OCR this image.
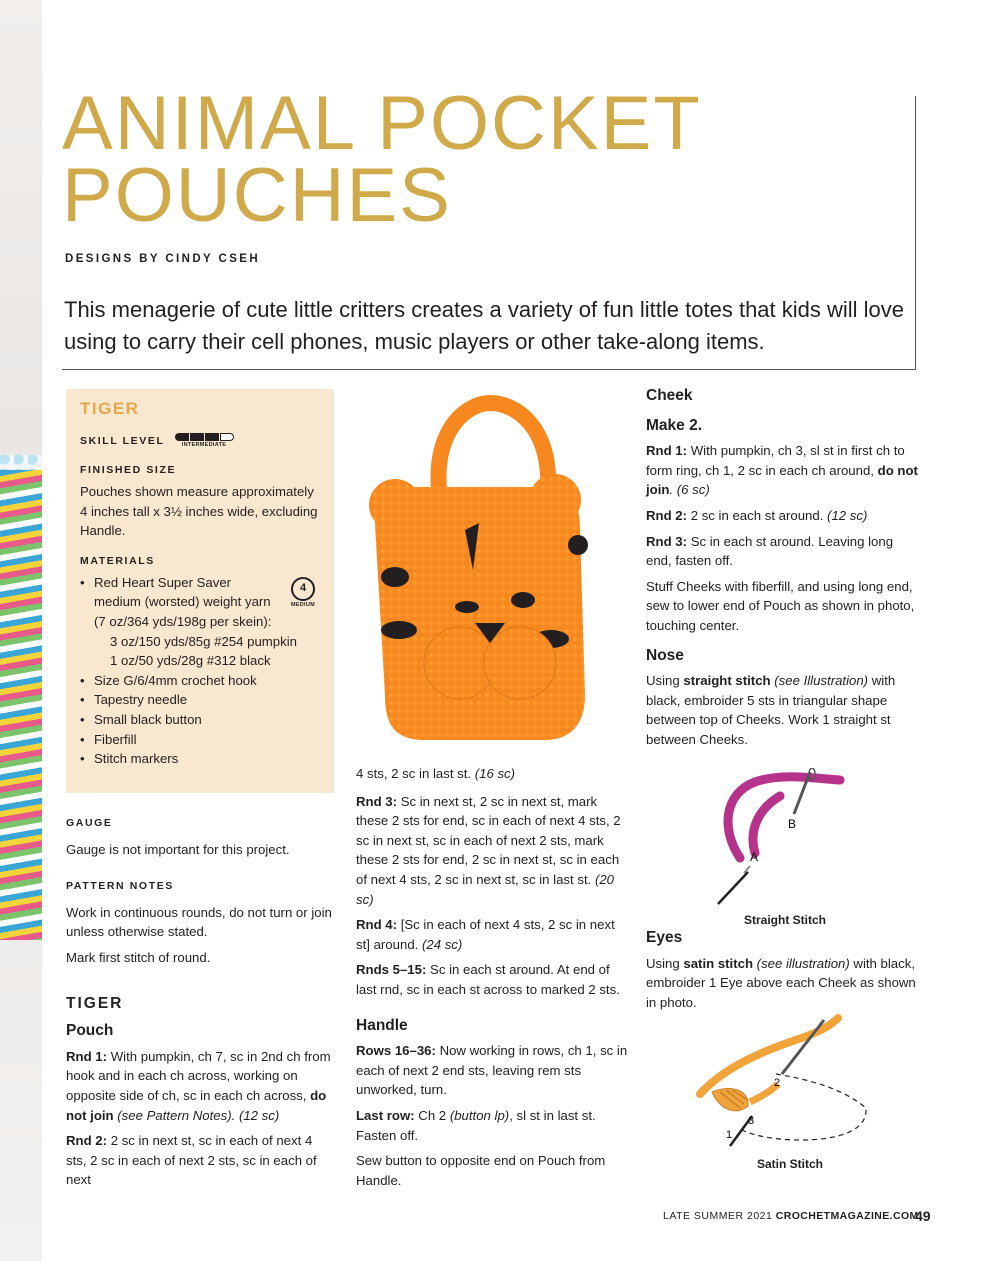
ANIMAL POCKET
POUCHES
DESIGNS BY CINDY CSEH

This menagerie of cute little critters creates a variety of fun little totes that kids will love using to carry their cell phones, music players or other take-along items.

TIGER
SKILL LEVEL	INTERMEDIATE
FINISHED SIZE

Pouches shown measure approximately 4 inches tall x 3½ inches wide, excluding Handle.

MATERIALS
4
MEDIUM
• Red Heart Super Saver
medium (worsted) weight yarn
(7 oz/364 yds/198g per skein):
3 oz/150 yds/85g #254 pumpkin
1 oz/50 yds/28g #312 black
• Size G/6/4mm crochet hook
• Tapestry needle
• Small black button
• Fiberfill
• Stitch markers
GAUGE

Gauge is not important for this project.

PATTERN NOTES

Work in continuous rounds, do not turn or join unless otherwise stated.

Mark first stitch of round.

TIGER
Pouch

Rnd 1: With pumpkin, ch 7, sc in 2nd ch from hook and in each ch across, working on opposite side of ch, sc in each ch across, do not join (see Pattern Notes). (12 sc)

Rnd 2: 2 sc in next st, sc in each of next 4 sts, 2 sc in each of next 2 sts, sc in each of next

4 sts, 2 sc in last st. (16 sc)

Rnd 3: Sc in next st, 2 sc in next st, mark these 2 sts for end, sc in each of next 4 sts, 2 sc in next st, sc in each of next 2 sts, mark these 2 sts for end, 2 sc in next st, sc in each of next 4 sts, 2 sc in next st, sc in last st. (20 sc)

Rnd 4: [Sc in each of next 4 sts, 2 sc in next st] around. (24 sc)

Rnds 5–15: Sc in each st around. At end of last rnd, sc in each st across to marked 2 sts.

Handle

Rows 16–36: Now working in rows, ch 1, sc in each of next 2 end sts, leaving rem sts unworked, turn.

Last row: Ch 2 (button lp), sl st in last st. Fasten off.

Sew button to opposite end on Pouch from Handle.

Cheek
Make 2.

Rnd 1: With pumpkin, ch 3, sl st in first ch to form ring, ch 1, 2 sc in each ch around, do not join. (6 sc)

Rnd 2: 2 sc in each st around. (12 sc)

Rnd 3: Sc in each st around. Leaving long end, fasten off.

Stuff Cheeks with fiberfill, and using long end, sew to lower end of Pouch as shown in photo, touching center.

Nose

Using straight stitch (see Illustration) with black, embroider 5 sts in triangular shape between top of Cheeks. Work 1 straight st between Cheeks.

A
B
Straight Stitch
Eyes

Using satin stitch (see illustration) with black, embroider 1 Eye above each Cheek as shown in photo.

2
1
3
Satin Stitch
LATE SUMMER 2021 CROCHETMAGAZINE.COM
49
